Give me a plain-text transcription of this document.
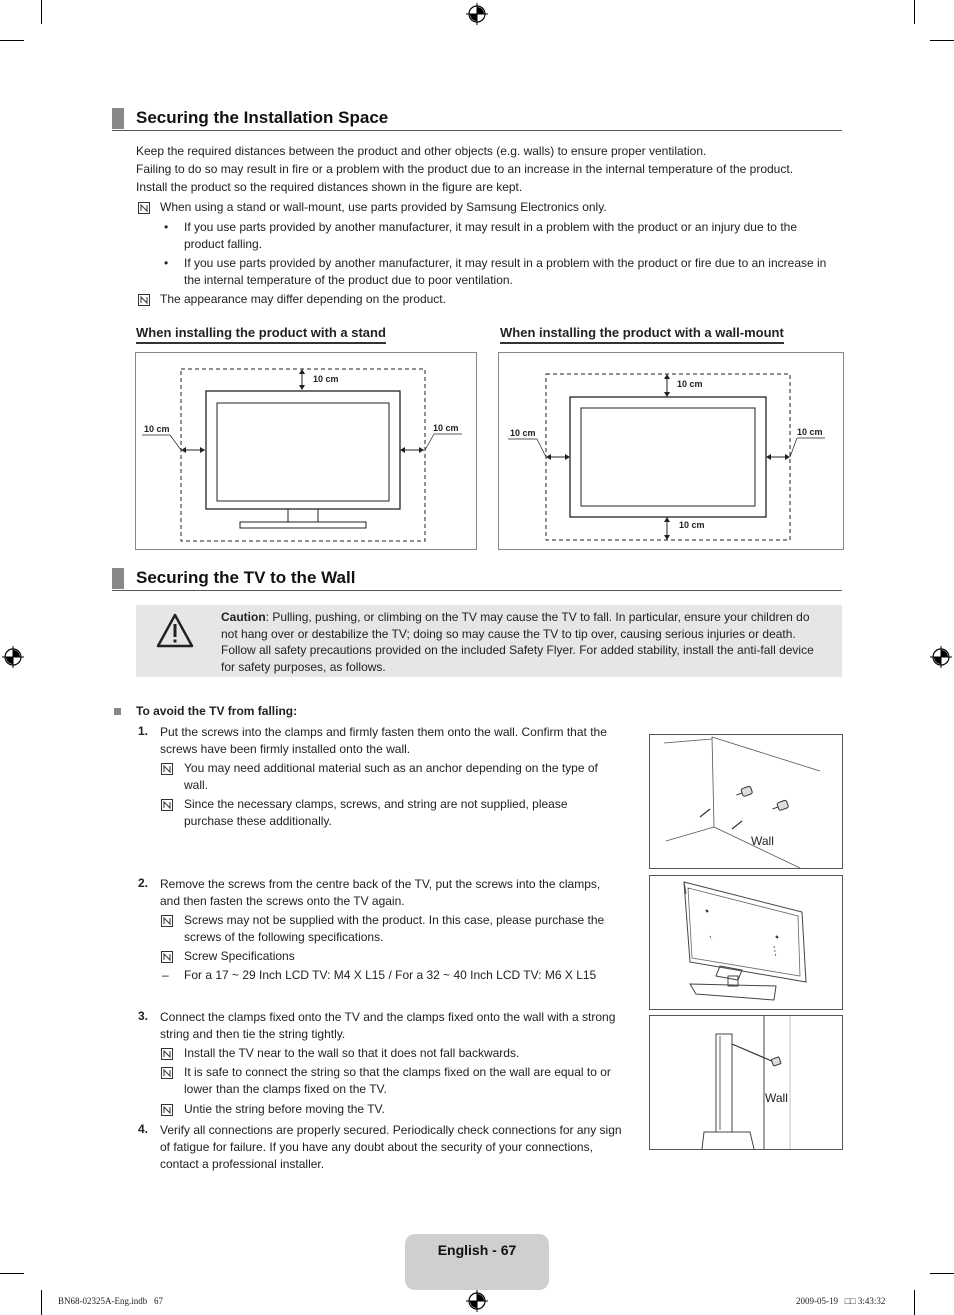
Securing the Installation Space
Keep the required distances between the product and other objects (e.g. walls) to ensure proper ventilation.
Failing to do so may result in fire or a problem with the product due to an increase in the internal temperature of the product.
Install the product so the required distances shown in the figure are kept.
When using a stand or wall-mount, use parts provided by Samsung Electronics only.
• If you use parts provided by another manufacturer, it may result in a problem with the product or an injury due to the product falling.
• If you use parts provided by another manufacturer, it may result in a problem with the product or fire due to an increase in the internal temperature of the product due to poor ventilation.
The appearance may differ depending on the product.
When installing the product with a stand	When installing the product with a wall-mount
10 cm
10 cm	10 cm
10 cm
10 cm	10 cm
10 cm
Securing the TV to the Wall
Caution: Pulling, pushing, or climbing on the TV may cause the TV to fall. In particular, ensure your children do not hang over or destabilize the TV; doing so may cause the TV to tip over, causing serious injuries or death. Follow all safety precautions provided on the included Safety Flyer. For added stability, install the anti-fall device for safety purposes, as follows.
To avoid the TV from falling:
1. Put the screws into the clamps and firmly fasten them onto the wall. Confirm that the screws have been firmly installed onto the wall.
You may need additional material such as an anchor depending on the type of wall.
Since the necessary clamps, screws, and string are not supplied, please purchase these additionally.
2. Remove the screws from the centre back of the TV, put the screws into the clamps, and then fasten the screws onto the TV again.
Screws may not be supplied with the product. In this case, please purchase the screws of the following specifications.
Screw Specifications
– For a 17 ~ 29 Inch LCD TV: M4 X L15 / For a 32 ~ 40 Inch LCD TV: M6 X L15
3. Connect the clamps fixed onto the TV and the clamps fixed onto the wall with a strong string and then tie the string tightly.
Install the TV near to the wall so that it does not fall backwards.
It is safe to connect the string so that the clamps fixed on the wall are equal to or lower than the clamps fixed on the TV.
Untie the string before moving the TV.
4. Verify all connections are properly secured. Periodically check connections for any sign of fatigue for failure. If you have any doubt about the security of your connections, contact a professional installer.
Wall
Wall
English - 67
BN68-02325A-Eng.indb   67	2009-05-19   □□ 3:43:32
